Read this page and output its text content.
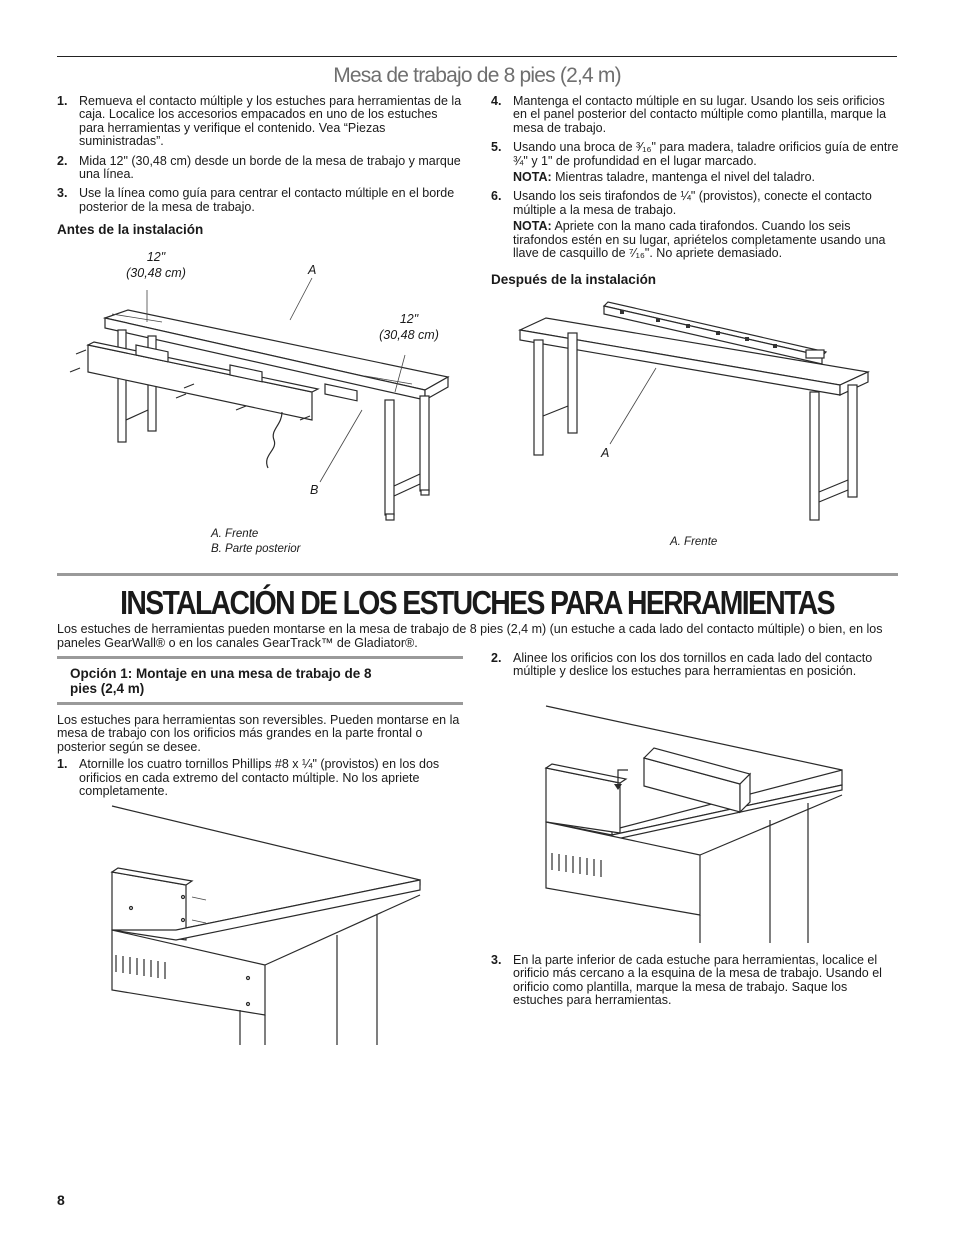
Mesa de trabajo de 8 pies (2,4 m)
1. Remueva el contacto múltiple y los estuches para herramientas de la caja. Localice los accesorios empacados en uno de los estuches para herramientas y verifique el contenido. Vea “Piezas suministradas”.
2. Mida 12" (30,48 cm) desde un borde de la mesa de trabajo y marque una línea.
3. Use la línea como guía para centrar el contacto múltiple en el borde posterior de la mesa de trabajo.
Antes de la instalación
4. Mantenga el contacto múltiple en su lugar. Usando los seis orificios en el panel posterior del contacto múltiple como plantilla, marque la mesa de trabajo.
5. Usando una broca de ³⁄₁₆" para madera, taladre orificios guía de entre ¾" y 1" de profundidad en el lugar marcado.
NOTA: Mientras taladre, mantenga el nivel del taladro.
6. Usando los seis tirafondos de ¼" (provistos), conecte el contacto múltiple a la mesa de trabajo.
NOTA: Apriete con la mano cada tirafondos. Cuando los seis tirafondos estén en su lugar, apriételos completamente usando una llave de casquillo de ⁷⁄₁₆". No apriete demasiado.
Después de la instalación
12"
(30,48 cm)	A
12"
(30,48 cm)
B
A. Frente
B. Parte posterior
A
A. Frente
INSTALACIÓN DE LOS ESTUCHES PARA HERRAMIENTAS
Los estuches de herramientas pueden montarse en la mesa de trabajo de 8 pies (2,4 m) (un estuche a cada lado del contacto múltiple) o bien, en los paneles GearWall® o en los canales GearTrack™ de Gladiator®.
Opción 1: Montaje en una mesa de trabajo de 8 pies (2,4 m)
Los estuches para herramientas son reversibles. Pueden montarse en la mesa de trabajo con los orificios más grandes en la parte frontal o posterior según se desee.
1. Atornille los cuatro tornillos Phillips #8 x ¼" (provistos) en los dos orificios en cada extremo del contacto múltiple. No los apriete completamente.
2. Alinee los orificios con los dos tornillos en cada lado del contacto múltiple y deslice los estuches para herramientas en posición.
3. En la parte inferior de cada estuche para herramientas, localice el orificio más cercano a la esquina de la mesa de trabajo. Usando el orificio como plantilla, marque la mesa de trabajo. Saque los estuches para herramientas.
8
